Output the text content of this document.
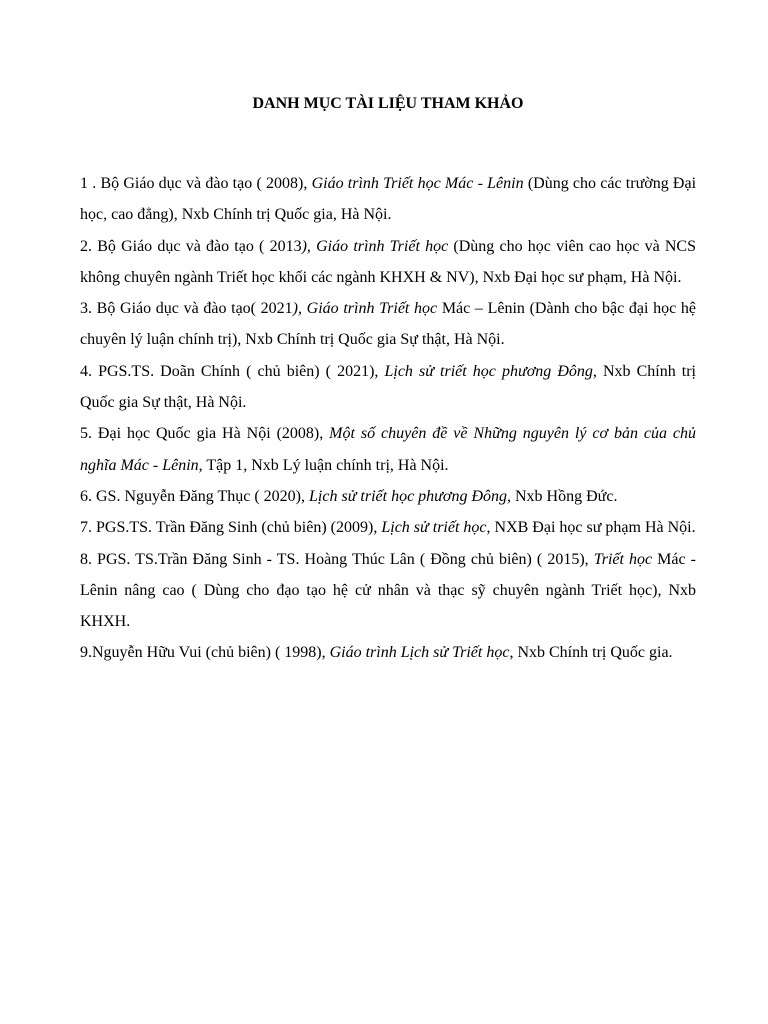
DANH MỤC TÀI LIỆU THAM KHẢO

1 . Bộ Giáo dục và đào tạo ( 2008), Giáo trình Triết học Mác - Lênin (Dùng cho các trường Đại học, cao đẳng), Nxb Chính trị Quốc gia, Hà Nội.

2. Bộ Giáo dục và đào tạo ( 2013), Giáo trình Triết học (Dùng cho học viên cao học và NCS không chuyên ngành Triết học khối các ngành KHXH & NV), Nxb Đại học sư phạm, Hà Nội.

3. Bộ Giáo dục và đào tạo( 2021), Giáo trình Triết học Mác – Lênin (Dành cho bậc đại học hệ chuyên lý luận chính trị), Nxb Chính trị Quốc gia Sự thật, Hà Nội.

4. PGS.TS. Doãn Chính ( chủ biên) ( 2021), Lịch sử triết học phương Đông, Nxb Chính trị Quốc gia Sự thật, Hà Nội.

5. Đại học Quốc gia Hà Nội (2008), Một số chuyên đề về Những nguyên lý cơ bản của chủ nghĩa Mác - Lênin, Tập 1, Nxb Lý luận chính trị, Hà Nội.

6. GS. Nguyễn Đăng Thục ( 2020), Lịch sử triết học phương Đông, Nxb Hồng Đức.

7. PGS.TS. Trần Đăng Sinh (chủ biên) (2009), Lịch sử triết học, NXB Đại học sư phạm Hà Nội.

8. PGS. TS.Trần Đăng Sinh - TS. Hoàng Thúc Lân ( Đồng chủ biên) ( 2015), Triết học Mác - Lênin nâng cao ( Dùng cho đạo tạo hệ cử nhân và thạc sỹ chuyên ngành Triết học), Nxb KHXH.

9.Nguyễn Hữu Vui (chủ biên) ( 1998), Giáo trình Lịch sử Triết học, Nxb Chính trị Quốc gia.
